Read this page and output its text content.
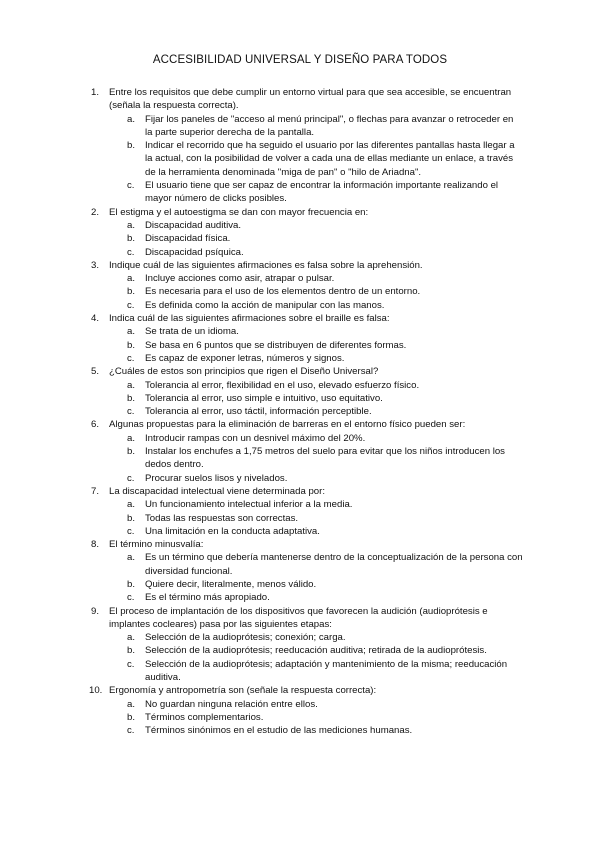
ACCESIBILIDAD UNIVERSAL Y DISEÑO PARA TODOS
1. Entre los requisitos que debe cumplir un entorno virtual para que sea accesible, se encuentran (señala la respuesta correcta).
a. Fijar los paneles de "acceso al menú principal", o flechas para avanzar o retroceder en la parte superior derecha de la pantalla.
b. Indicar el recorrido que ha seguido el usuario por las diferentes pantallas hasta llegar a la actual, con la posibilidad de volver a cada una de ellas mediante un enlace, a través de la herramienta denominada "miga de pan" o "hilo de Ariadna".
c. El usuario tiene que ser capaz de encontrar la información importante realizando el mayor número de clicks posibles.
2. El estigma y el autoestigma se dan con mayor frecuencia en:
a. Discapacidad auditiva.
b. Discapacidad física.
c. Discapacidad psíquica.
3. Indique cuál de las siguientes afirmaciones es falsa sobre la aprehensión.
a. Incluye acciones como asir, atrapar o pulsar.
b. Es necesaria para el uso de los elementos dentro de un entorno.
c. Es definida como la acción de manipular con las manos.
4. Indica cuál de las siguientes afirmaciones sobre el braille es falsa:
a. Se trata de un idioma.
b. Se basa en 6 puntos que se distribuyen de diferentes formas.
c. Es capaz de exponer letras, números y signos.
5. ¿Cuáles de estos son principios que rigen el Diseño Universal?
a. Tolerancia al error, flexibilidad en el uso, elevado esfuerzo físico.
b. Tolerancia al error, uso simple e intuitivo, uso equitativo.
c. Tolerancia al error, uso táctil, información perceptible.
6. Algunas propuestas para la eliminación de barreras en el entorno físico pueden ser:
a. Introducir rampas con un desnivel máximo del 20%.
b. Instalar los enchufes a 1,75 metros del suelo para evitar que los niños introducen los dedos dentro.
c. Procurar suelos lisos y nivelados.
7. La discapacidad intelectual viene determinada por:
a. Un funcionamiento intelectual inferior a la media.
b. Todas las respuestas son correctas.
c. Una limitación en la conducta adaptativa.
8. El término minusvalía:
a. Es un término que debería mantenerse dentro de la conceptualización de la persona con diversidad funcional.
b. Quiere decir, literalmente, menos válido.
c. Es el término más apropiado.
9. El proceso de implantación de los dispositivos que favorecen la audición (audioprótesis e implantes cocleares) pasa por las siguientes etapas:
a. Selección de la audioprótesis; conexión; carga.
b. Selección de la audioprótesis; reeducación auditiva; retirada de la audioprótesis.
c. Selección de la audioprótesis; adaptación y mantenimiento de la misma; reeducación auditiva.
10. Ergonomía y antropometría son (señale la respuesta correcta):
a. No guardan ninguna relación entre ellos.
b. Términos complementarios.
c. Términos sinónimos en el estudio de las mediciones humanas.
